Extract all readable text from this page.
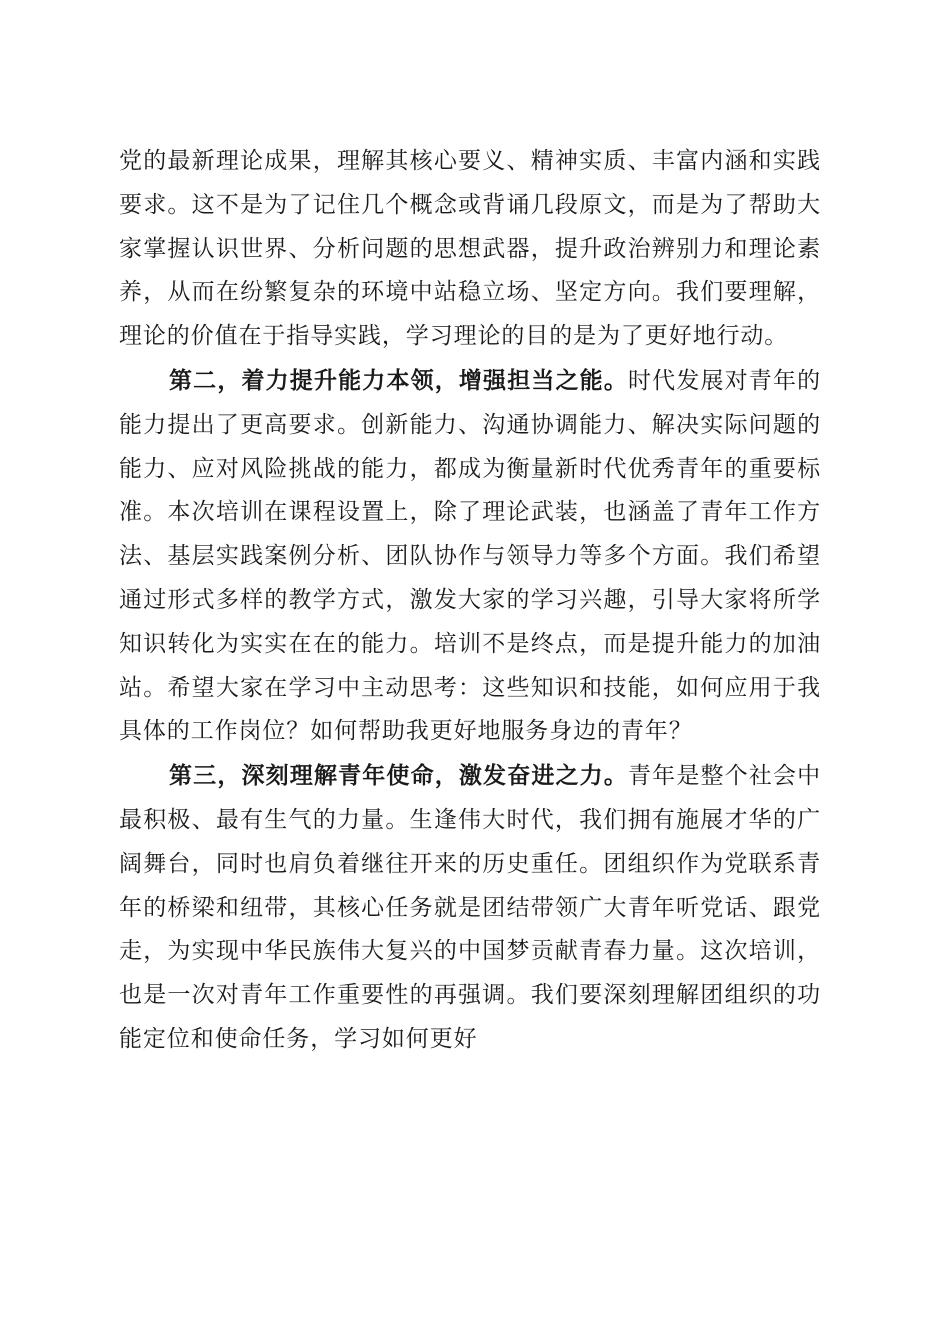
党的最新理论成果，理解其核心要义、精神实质、丰富内涵和实践要求。这不是为了记住几个概念或背诵几段原文，而是为了帮助大家掌握认识世界、分析问题的思想武器，提升政治辨别力和理论素养，从而在纷繁复杂的环境中站稳立场、坚定方向。我们要理解，理论的价值在于指导实践，学习理论的目的是为了更好地行动。

第二，着力提升能力本领，增强担当之能。时代发展对青年的能力提出了更高要求。创新能力、沟通协调能力、解决实际问题的能力、应对风险挑战的能力，都成为衡量新时代优秀青年的重要标准。本次培训在课程设置上，除了理论武装，也涵盖了青年工作方法、基层实践案例分析、团队协作与领导力等多个方面。我们希望通过形式多样的教学方式，激发大家的学习兴趣，引导大家将所学知识转化为实实在在的能力。培训不是终点，而是提升能力的加油站。希望大家在学习中主动思考：这些知识和技能，如何应用于我具体的工作岗位？如何帮助我更好地服务身边的青年？

第三，深刻理解青年使命，激发奋进之力。青年是整个社会中最积极、最有生气的力量。生逢伟大时代，我们拥有施展才华的广阔舞台，同时也肩负着继往开来的历史重任。团组织作为党联系青年的桥梁和纽带，其核心任务就是团结带领广大青年听党话、跟党走，为实现中华民族伟大复兴的中国梦贡献青春力量。这次培训，也是一次对青年工作重要性的再强调。我们要深刻理解团组织的功能定位和使命任务，学习如何更好
